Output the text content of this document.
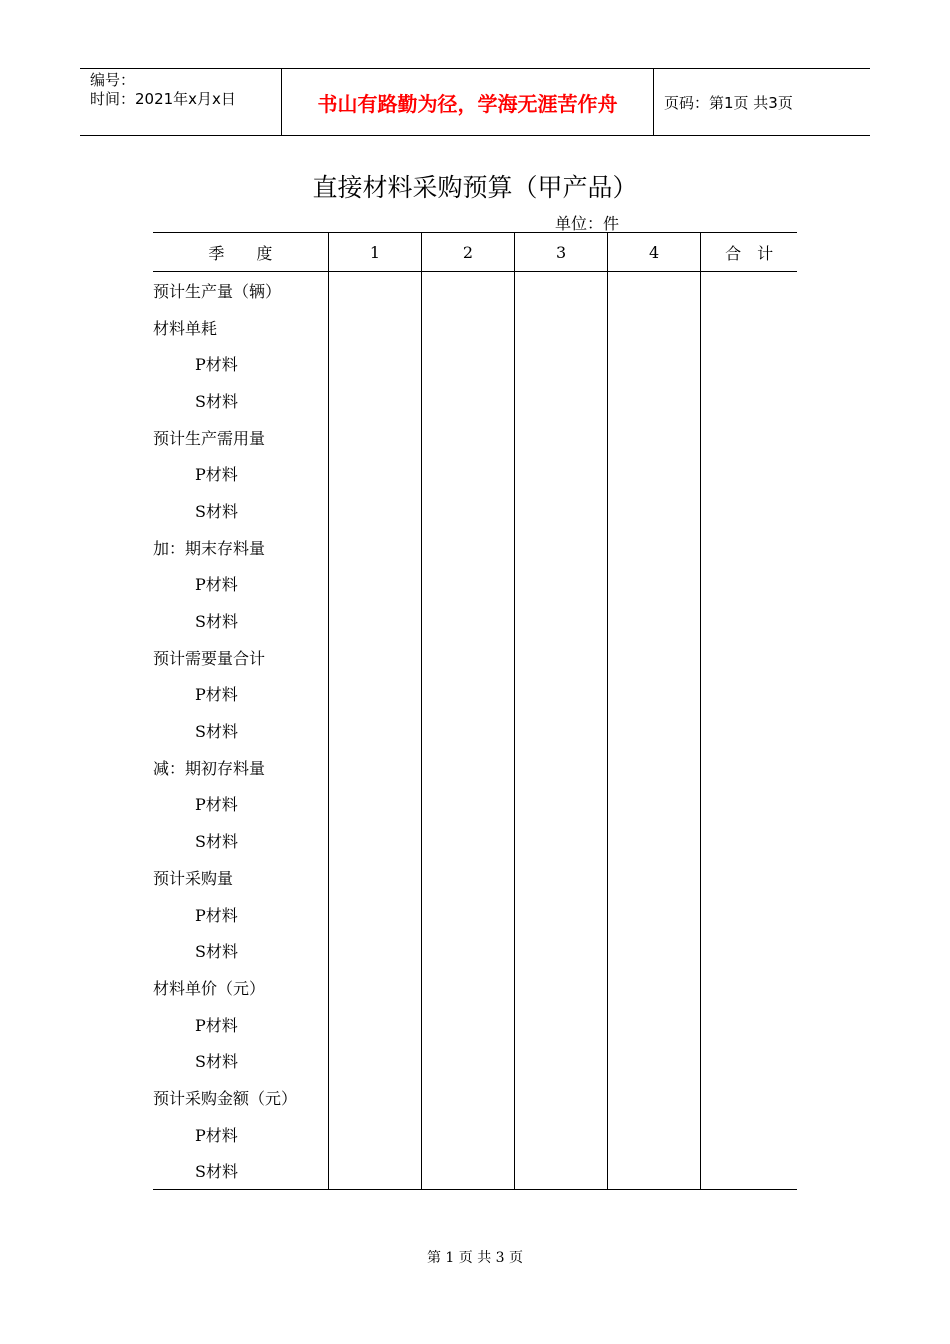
编号：
时间：2021年x月x日	书山有路勤为径，学海无涯苦作舟	页码：第1页 共3页
直接材料采购预算（甲产品）
单位：件
季　　度	1	2	3	4	合　计
预计生产量（辆）					
材料单耗					
P材料					
S材料					
预计生产需用量					
P材料					
S材料					
加：期末存料量					
P材料					
S材料					
预计需要量合计					
P材料					
S材料					
减：期初存料量					
P材料					
S材料					
预计采购量					
P材料					
S材料					
材料单价（元）					
P材料					
S材料					
预计采购金额（元）					
P材料					
S材料					
第 1 页 共 3 页
